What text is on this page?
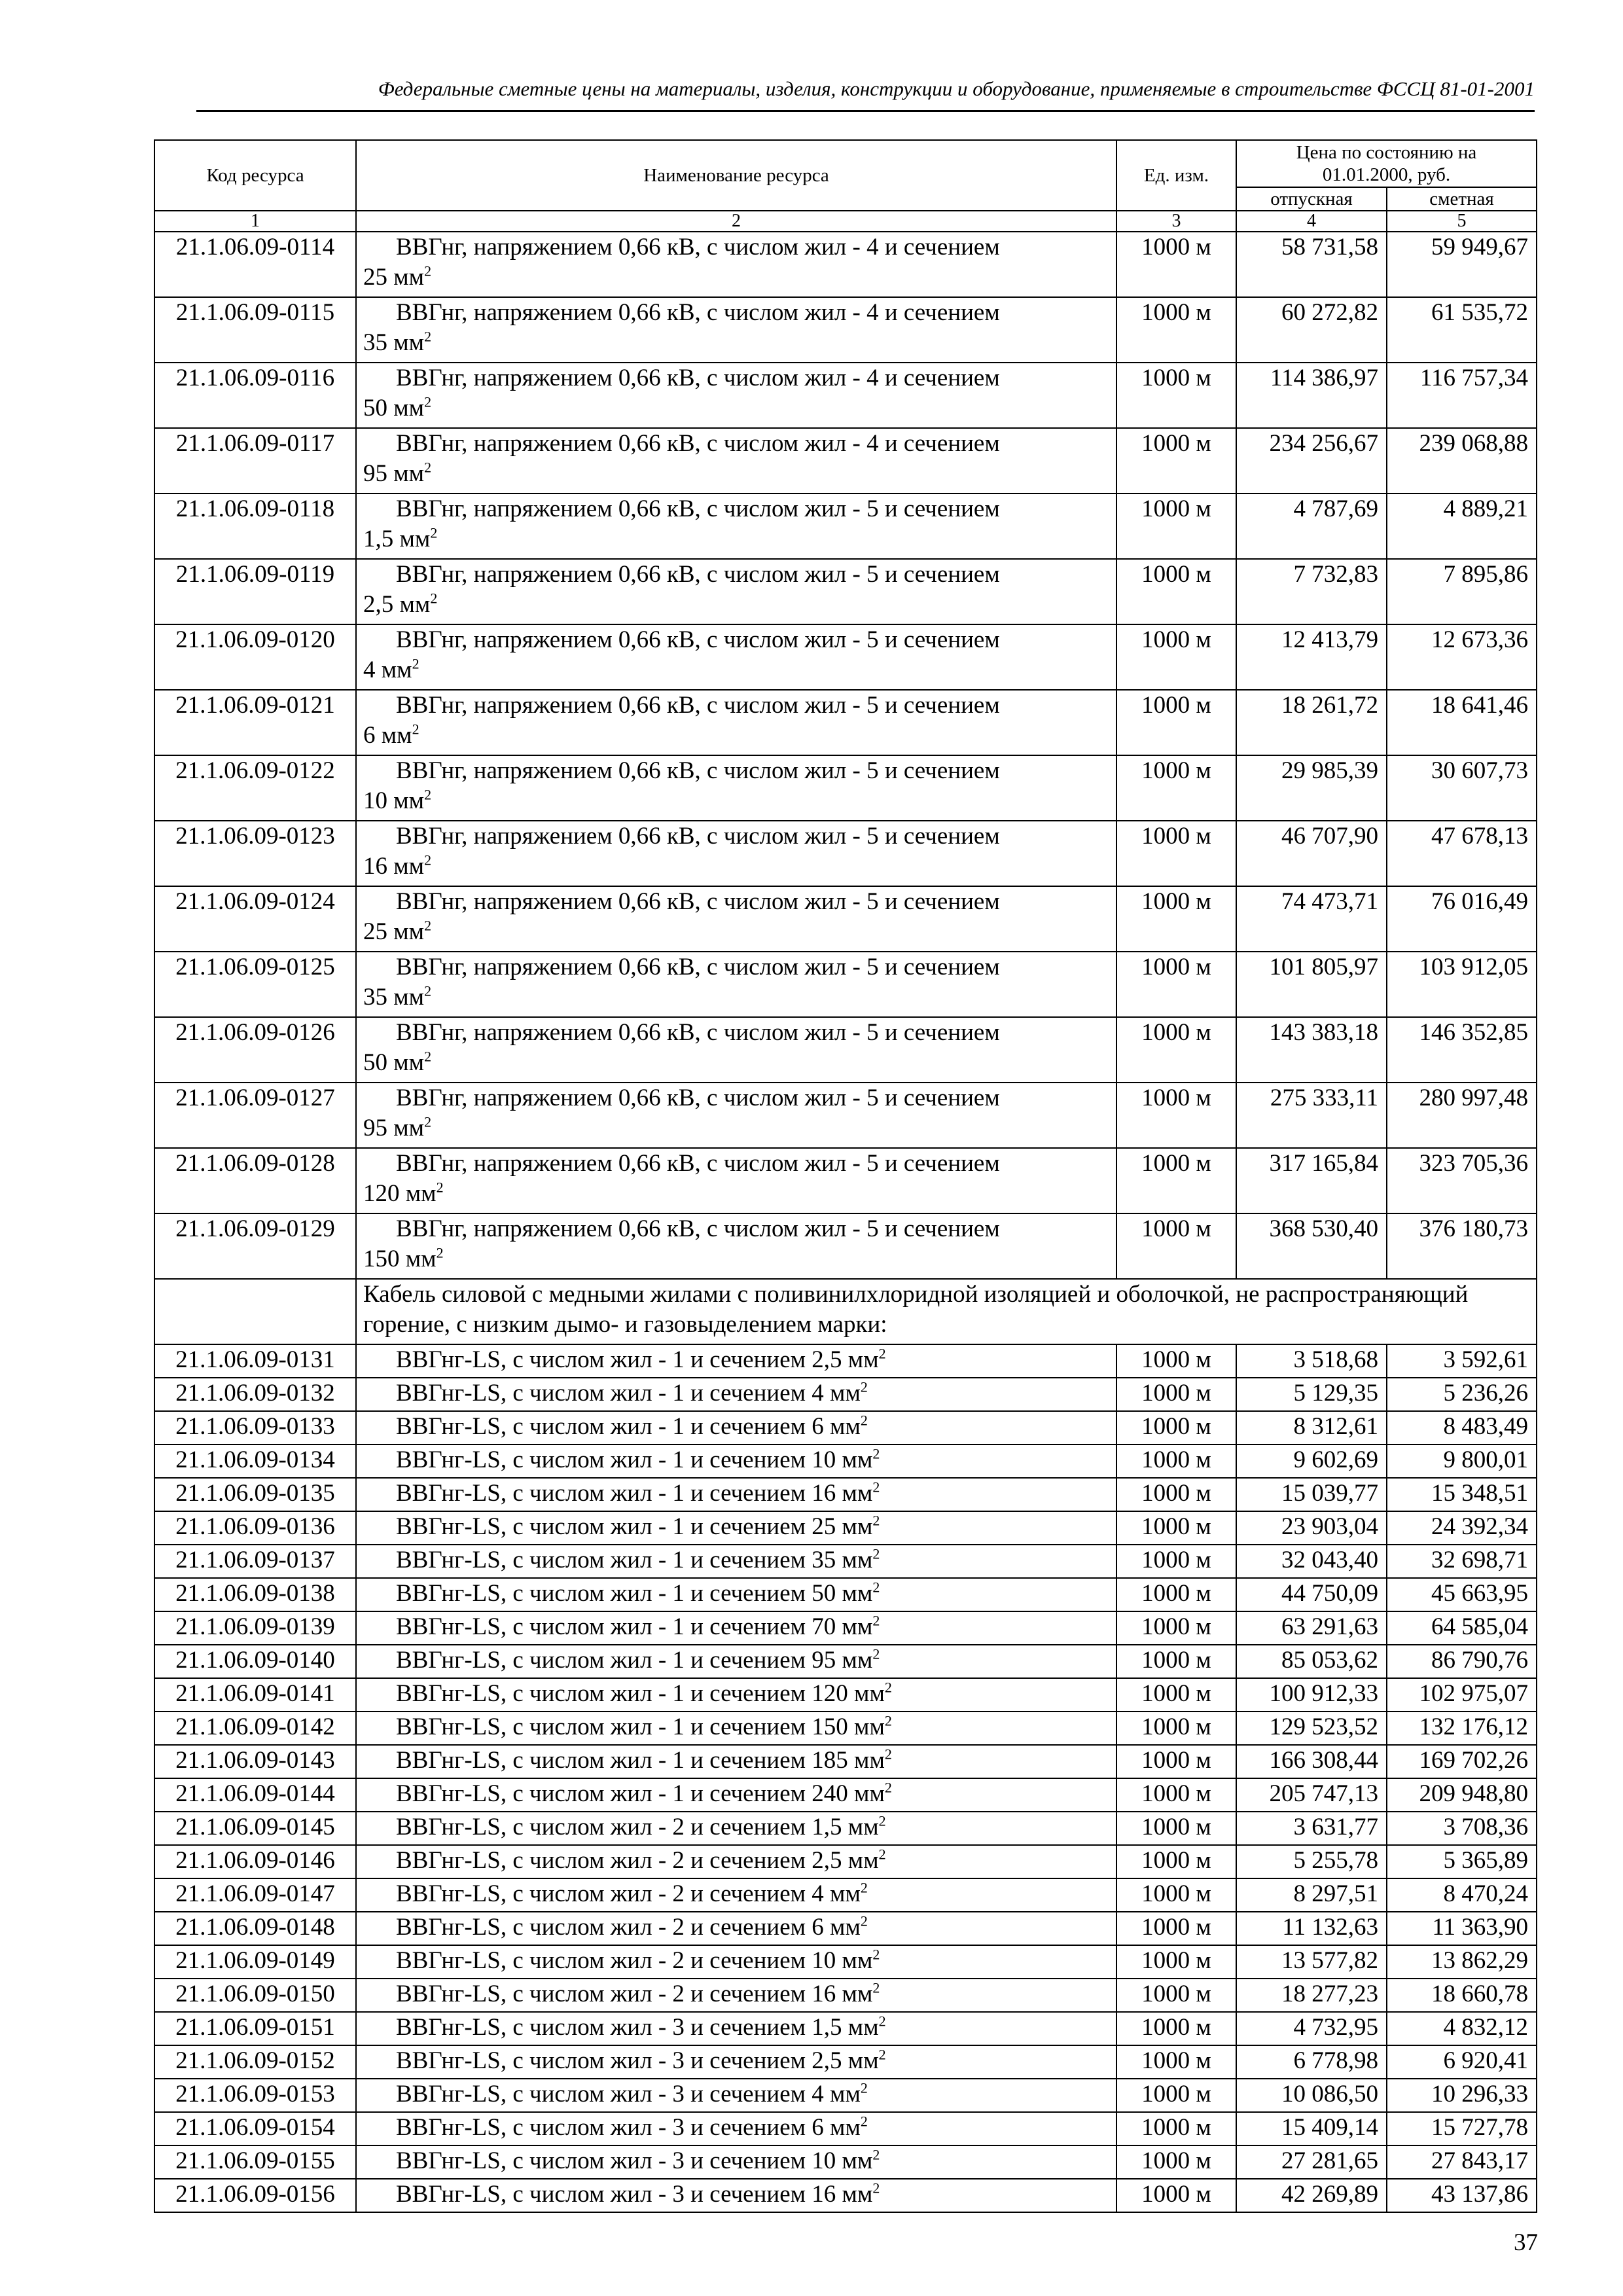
Федеральные сметные цены на материалы, изделия, конструкции и оборудование, применяемые в строительстве ФССЦ 81-01-2001
Код ресурса	Наименование ресурса	Ед. изм.	Цена по состоянию на 01.01.2000, руб.	

			отпускная	сметная
1	2	3	4	5
21.1.06.09-0114	ВВГнг, напряжением 0,66 кВ, с числом жил - 4 и сечением
25 $мм^2$	1000 м	58 731,58	59 949,67
21.1.06.09-0115	ВВГнг, напряжением 0,66 кВ, с числом жил - 4 и сечением
35 $мм^2$	1000 м	60 272,82	61 535,72
21.1.06.09-0116	ВВГнг, напряжением 0,66 кВ, с числом жил - 4 и сечением
50 $мм^2$	1000 м	114 386,97	116 757,34
21.1.06.09-0117	ВВГнг, напряжением 0,66 кВ, с числом жил - 4 и сечением
95 $мм^2$	1000 м	234 256,67	239 068,88
21.1.06.09-0118	ВВГнг, напряжением 0,66 кВ, с числом жил - 5 и сечением
1,5 $мм^2$	1000 м	4 787,69	4 889,21
21.1.06.09-0119	ВВГнг, напряжением 0,66 кВ, с числом жил - 5 и сечением
2,5 $мм^2$	1000 м	7 732,83	7 895,86
21.1.06.09-0120	ВВГнг, напряжением 0,66 кВ, с числом жил - 5 и сечением
4 $мм^2$	1000 м	12 413,79	12 673,36
21.1.06.09-0121	ВВГнг, напряжением 0,66 кВ, с числом жил - 5 и сечением
6 $мм^2$	1000 м	18 261,72	18 641,46
21.1.06.09-0122	ВВГнг, напряжением 0,66 кВ, с числом жил - 5 и сечением
10 $мм^2$	1000 м	29 985,39	30 607,73
21.1.06.09-0123	ВВГнг, напряжением 0,66 кВ, с числом жил - 5 и сечением
16 $мм^2$	1000 м	46 707,90	47 678,13
21.1.06.09-0124	ВВГнг, напряжением 0,66 кВ, с числом жил - 5 и сечением
25 $мм^2$	1000 м	74 473,71	76 016,49
21.1.06.09-0125	ВВГнг, напряжением 0,66 кВ, с числом жил - 5 и сечением
35 $мм^2$	1000 м	101 805,97	103 912,05
21.1.06.09-0126	ВВГнг, напряжением 0,66 кВ, с числом жил - 5 и сечением
50 $мм^2$	1000 м	143 383,18	146 352,85
21.1.06.09-0127	ВВГнг, напряжением 0,66 кВ, с числом жил - 5 и сечением
95 $мм^2$	1000 м	275 333,11	280 997,48
21.1.06.09-0128	ВВГнг, напряжением 0,66 кВ, с числом жил - 5 и сечением
120 $мм^2$	1000 м	317 165,84	323 705,36
21.1.06.09-0129	ВВГнг, напряжением 0,66 кВ, с числом жил - 5 и сечением
150 $мм^2$	1000 м	368 530,40	376 180,73
	Кабель силовой с медными жилами с поливинилхлоридной изоляцией и оболочкой, не распространяющий горение, с низким дымо- и газовыделением марки:			
21.1.06.09-0131	ВВГнг-LS, с числом жил - 1 и сечением 2,5 $мм^2$	1000 м	3 518,68	3 592,61
21.1.06.09-0132	ВВГнг-LS, с числом жил - 1 и сечением 4 $мм^2$	1000 м	5 129,35	5 236,26
21.1.06.09-0133	ВВГнг-LS, с числом жил - 1 и сечением 6 $мм^2$	1000 м	8 312,61	8 483,49
21.1.06.09-0134	ВВГнг-LS, с числом жил - 1 и сечением 10 $мм^2$	1000 м	9 602,69	9 800,01
21.1.06.09-0135	ВВГнг-LS, с числом жил - 1 и сечением 16 $мм^2$	1000 м	15 039,77	15 348,51
21.1.06.09-0136	ВВГнг-LS, с числом жил - 1 и сечением 25 $мм^2$	1000 м	23 903,04	24 392,34
21.1.06.09-0137	ВВГнг-LS, с числом жил - 1 и сечением 35 $мм^2$	1000 м	32 043,40	32 698,71
21.1.06.09-0138	ВВГнг-LS, с числом жил - 1 и сечением 50 $мм^2$	1000 м	44 750,09	45 663,95
21.1.06.09-0139	ВВГнг-LS, с числом жил - 1 и сечением 70 $мм^2$	1000 м	63 291,63	64 585,04
21.1.06.09-0140	ВВГнг-LS, с числом жил - 1 и сечением 95 $мм^2$	1000 м	85 053,62	86 790,76
21.1.06.09-0141	ВВГнг-LS, с числом жил - 1 и сечением 120 $мм^2$	1000 м	100 912,33	102 975,07
21.1.06.09-0142	ВВГнг-LS, с числом жил - 1 и сечением 150 $мм^2$	1000 м	129 523,52	132 176,12
21.1.06.09-0143	ВВГнг-LS, с числом жил - 1 и сечением 185 $мм^2$	1000 м	166 308,44	169 702,26
21.1.06.09-0144	ВВГнг-LS, с числом жил - 1 и сечением 240 $мм^2$	1000 м	205 747,13	209 948,80
21.1.06.09-0145	ВВГнг-LS, с числом жил - 2 и сечением 1,5 $мм^2$	1000 м	3 631,77	3 708,36
21.1.06.09-0146	ВВГнг-LS, с числом жил - 2 и сечением 2,5 $мм^2$	1000 м	5 255,78	5 365,89
21.1.06.09-0147	ВВГнг-LS, с числом жил - 2 и сечением 4 $мм^2$	1000 м	8 297,51	8 470,24
21.1.06.09-0148	ВВГнг-LS, с числом жил - 2 и сечением 6 $мм^2$	1000 м	11 132,63	11 363,90
21.1.06.09-0149	ВВГнг-LS, с числом жил - 2 и сечением 10 $мм^2$	1000 м	13 577,82	13 862,29
21.1.06.09-0150	ВВГнг-LS, с числом жил - 2 и сечением 16 $мм^2$	1000 м	18 277,23	18 660,78
21.1.06.09-0151	ВВГнг-LS, с числом жил - 3 и сечением 1,5 $мм^2$	1000 м	4 732,95	4 832,12
21.1.06.09-0152	ВВГнг-LS, с числом жил - 3 и сечением 2,5 $мм^2$	1000 м	6 778,98	6 920,41
21.1.06.09-0153	ВВГнг-LS, с числом жил - 3 и сечением 4 $мм^2$	1000 м	10 086,50	10 296,33
21.1.06.09-0154	ВВГнг-LS, с числом жил - 3 и сечением 6 $мм^2$	1000 м	15 409,14	15 727,78
21.1.06.09-0155	ВВГнг-LS, с числом жил - 3 и сечением 10 $мм^2$	1000 м	27 281,65	27 843,17
21.1.06.09-0156	ВВГнг-LS, с числом жил - 3 и сечением 16 $мм^2$	1000 м	42 269,89	43 137,86
37
